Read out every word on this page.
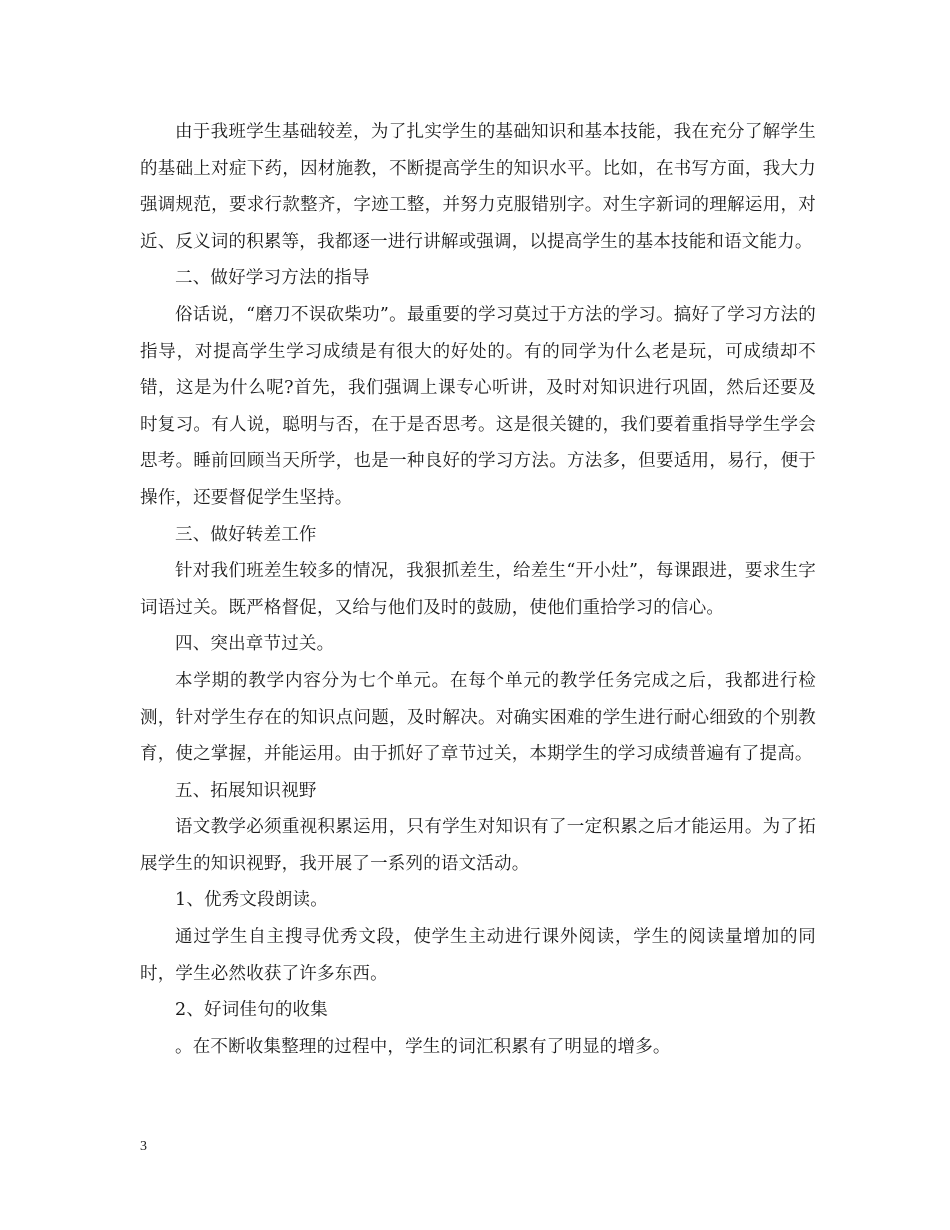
由于我班学生基础较差，为了扎实学生的基础知识和基本技能，我在充分了解学生的基础上对症下药，因材施教，不断提高学生的知识水平。比如，在书写方面，我大力强调规范，要求行款整齐，字迹工整，并努力克服错别字。对生字新词的理解运用，对近、反义词的积累等，我都逐一进行讲解或强调，以提高学生的基本技能和语文能力。

二、做好学习方法的指导

俗话说，“磨刀不误砍柴功”。最重要的学习莫过于方法的学习。搞好了学习方法的指导，对提高学生学习成绩是有很大的好处的。有的同学为什么老是玩，可成绩却不错，这是为什么呢?首先，我们强调上课专心听讲，及时对知识进行巩固，然后还要及时复习。有人说，聪明与否，在于是否思考。这是很关键的，我们要着重指导学生学会思考。睡前回顾当天所学，也是一种良好的学习方法。方法多，但要适用，易行，便于操作，还要督促学生坚持。

三、做好转差工作

针对我们班差生较多的情况，我狠抓差生，给差生“开小灶”，每课跟进，要求生字词语过关。既严格督促，又给与他们及时的鼓励，使他们重拾学习的信心。

四、突出章节过关。

本学期的教学内容分为七个单元。在每个单元的教学任务完成之后，我都进行检测，针对学生存在的知识点问题，及时解决。对确实困难的学生进行耐心细致的个别教育，使之掌握，并能运用。由于抓好了章节过关，本期学生的学习成绩普遍有了提高。

五、拓展知识视野

语文教学必须重视积累运用，只有学生对知识有了一定积累之后才能运用。为了拓展学生的知识视野，我开展了一系列的语文活动。

1、优秀文段朗读。

通过学生自主搜寻优秀文段，使学生主动进行课外阅读，学生的阅读量增加的同时，学生必然收获了许多东西。

2、好词佳句的收集

。在不断收集整理的过程中，学生的词汇积累有了明显的增多。

3
